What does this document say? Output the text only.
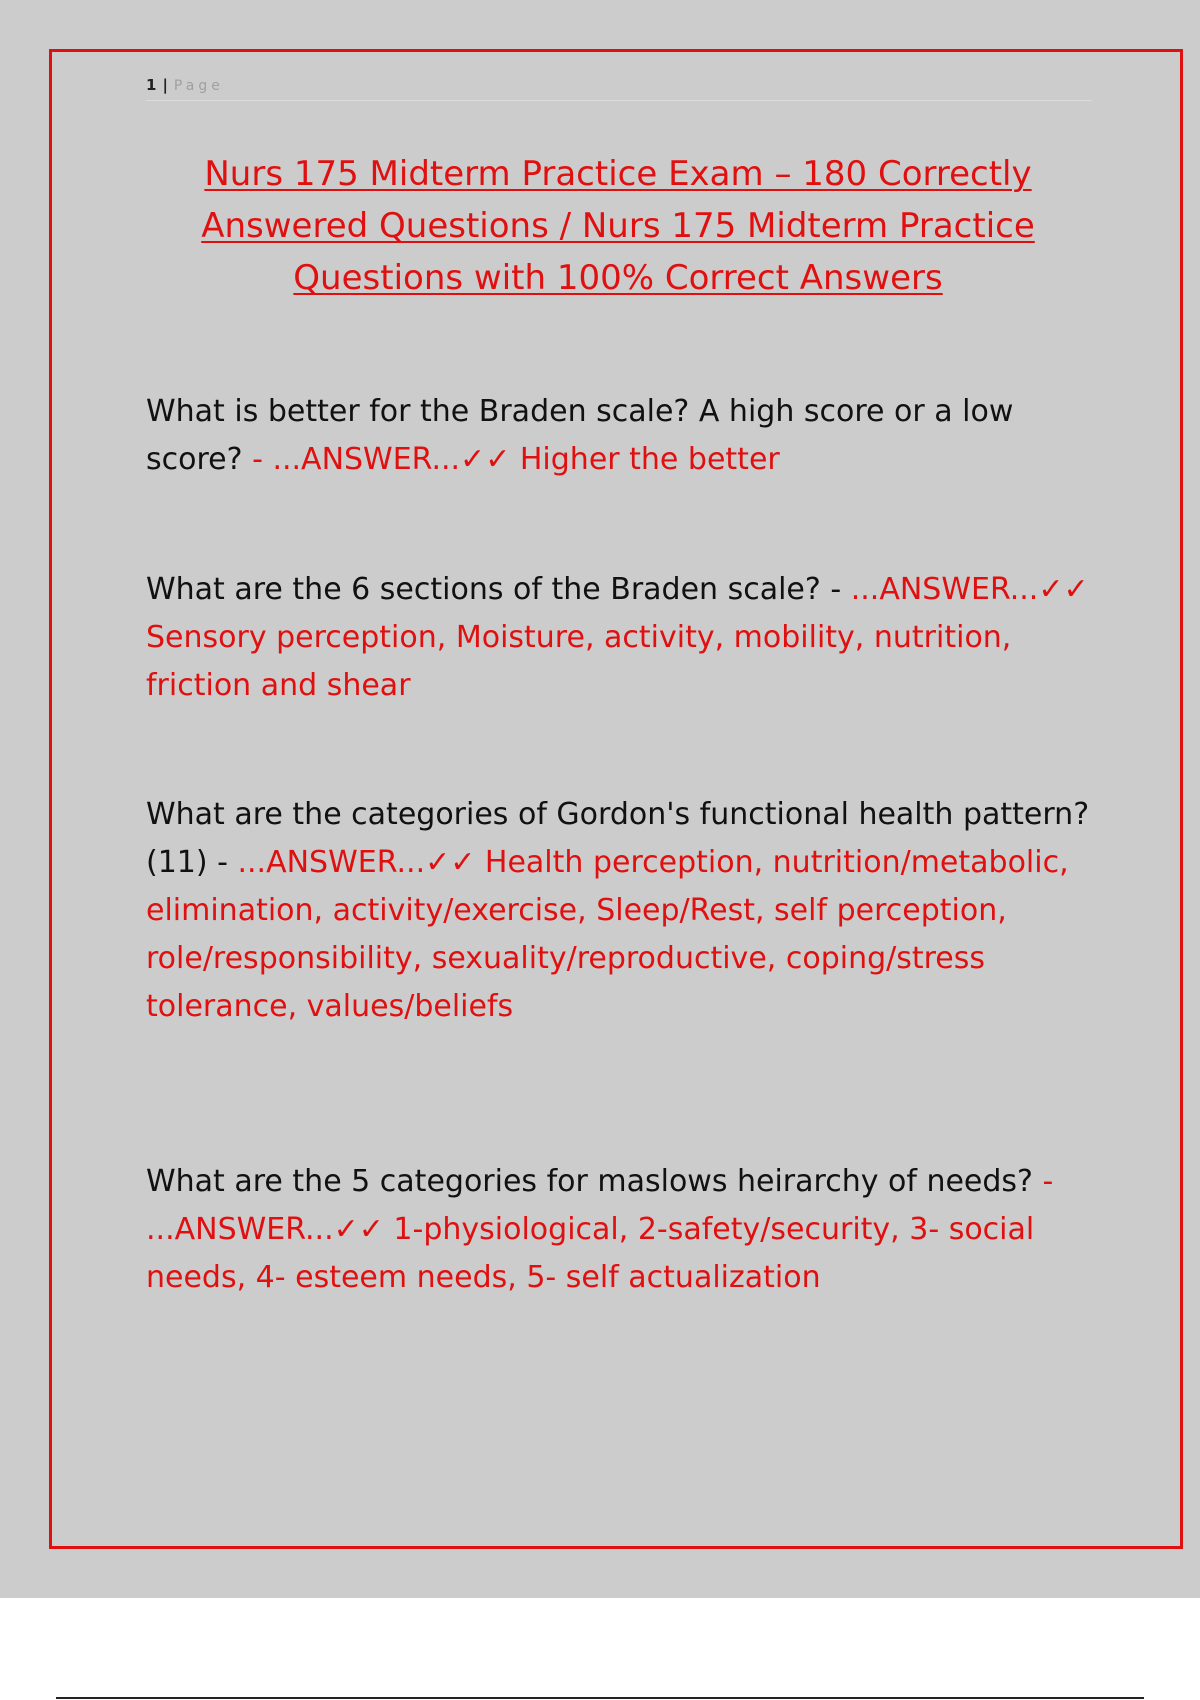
1 | Page
Nurs 175 Midterm Practice Exam – 180 Correctly Answered Questions / Nurs 175 Midterm Practice Questions with 100% Correct Answers

What is better for the Braden scale? A high score or a low score? - ...ANSWER...✓✓ Higher the better

What are the 6 sections of the Braden scale? - ...ANSWER...✓✓ Sensory perception, Moisture, activity, mobility, nutrition, friction and shear

What are the categories of Gordon's functional health pattern? (11) - ...ANSWER...✓✓ Health perception, nutrition/metabolic, elimination, activity/exercise, Sleep/Rest, self perception, role/responsibility, sexuality/reproductive, coping/stress tolerance, values/beliefs

What are the 5 categories for maslows heirarchy of needs? - ...ANSWER...✓✓ 1-physiological, 2-safety/security, 3- social needs, 4- esteem needs, 5- self actualization
